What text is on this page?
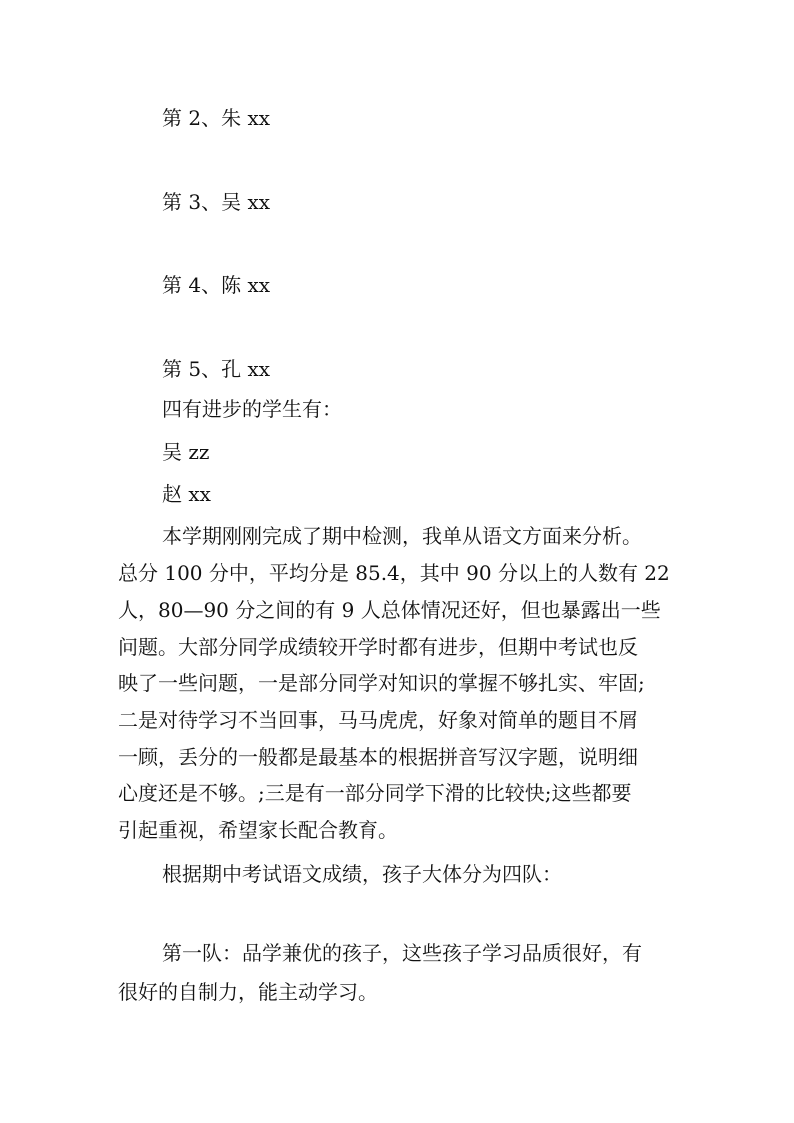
第 2、朱 xx
第 3、吴 xx
第 4、陈 xx
第 5、孔 xx
四有进步的学生有：
吴 zz
赵 xx
本学期刚刚完成了期中检测，我单从语文方面来分析。
总分 100 分中，平均分是 85.4，其中 90 分以上的人数有 22
人，80—90 分之间的有 9 人总体情况还好，但也暴露出一些
问题。大部分同学成绩较开学时都有进步，但期中考试也反
映了一些问题，一是部分同学对知识的掌握不够扎实、牢固;
二是对待学习不当回事，马马虎虎，好象对简单的题目不屑
一顾，丢分的一般都是最基本的根据拼音写汉字题，说明细
心度还是不够。;三是有一部分同学下滑的比较快;这些都要
引起重视，希望家长配合教育。
根据期中考试语文成绩，孩子大体分为四队：
第一队：品学兼优的孩子，这些孩子学习品质很好，有
很好的自制力，能主动学习。
